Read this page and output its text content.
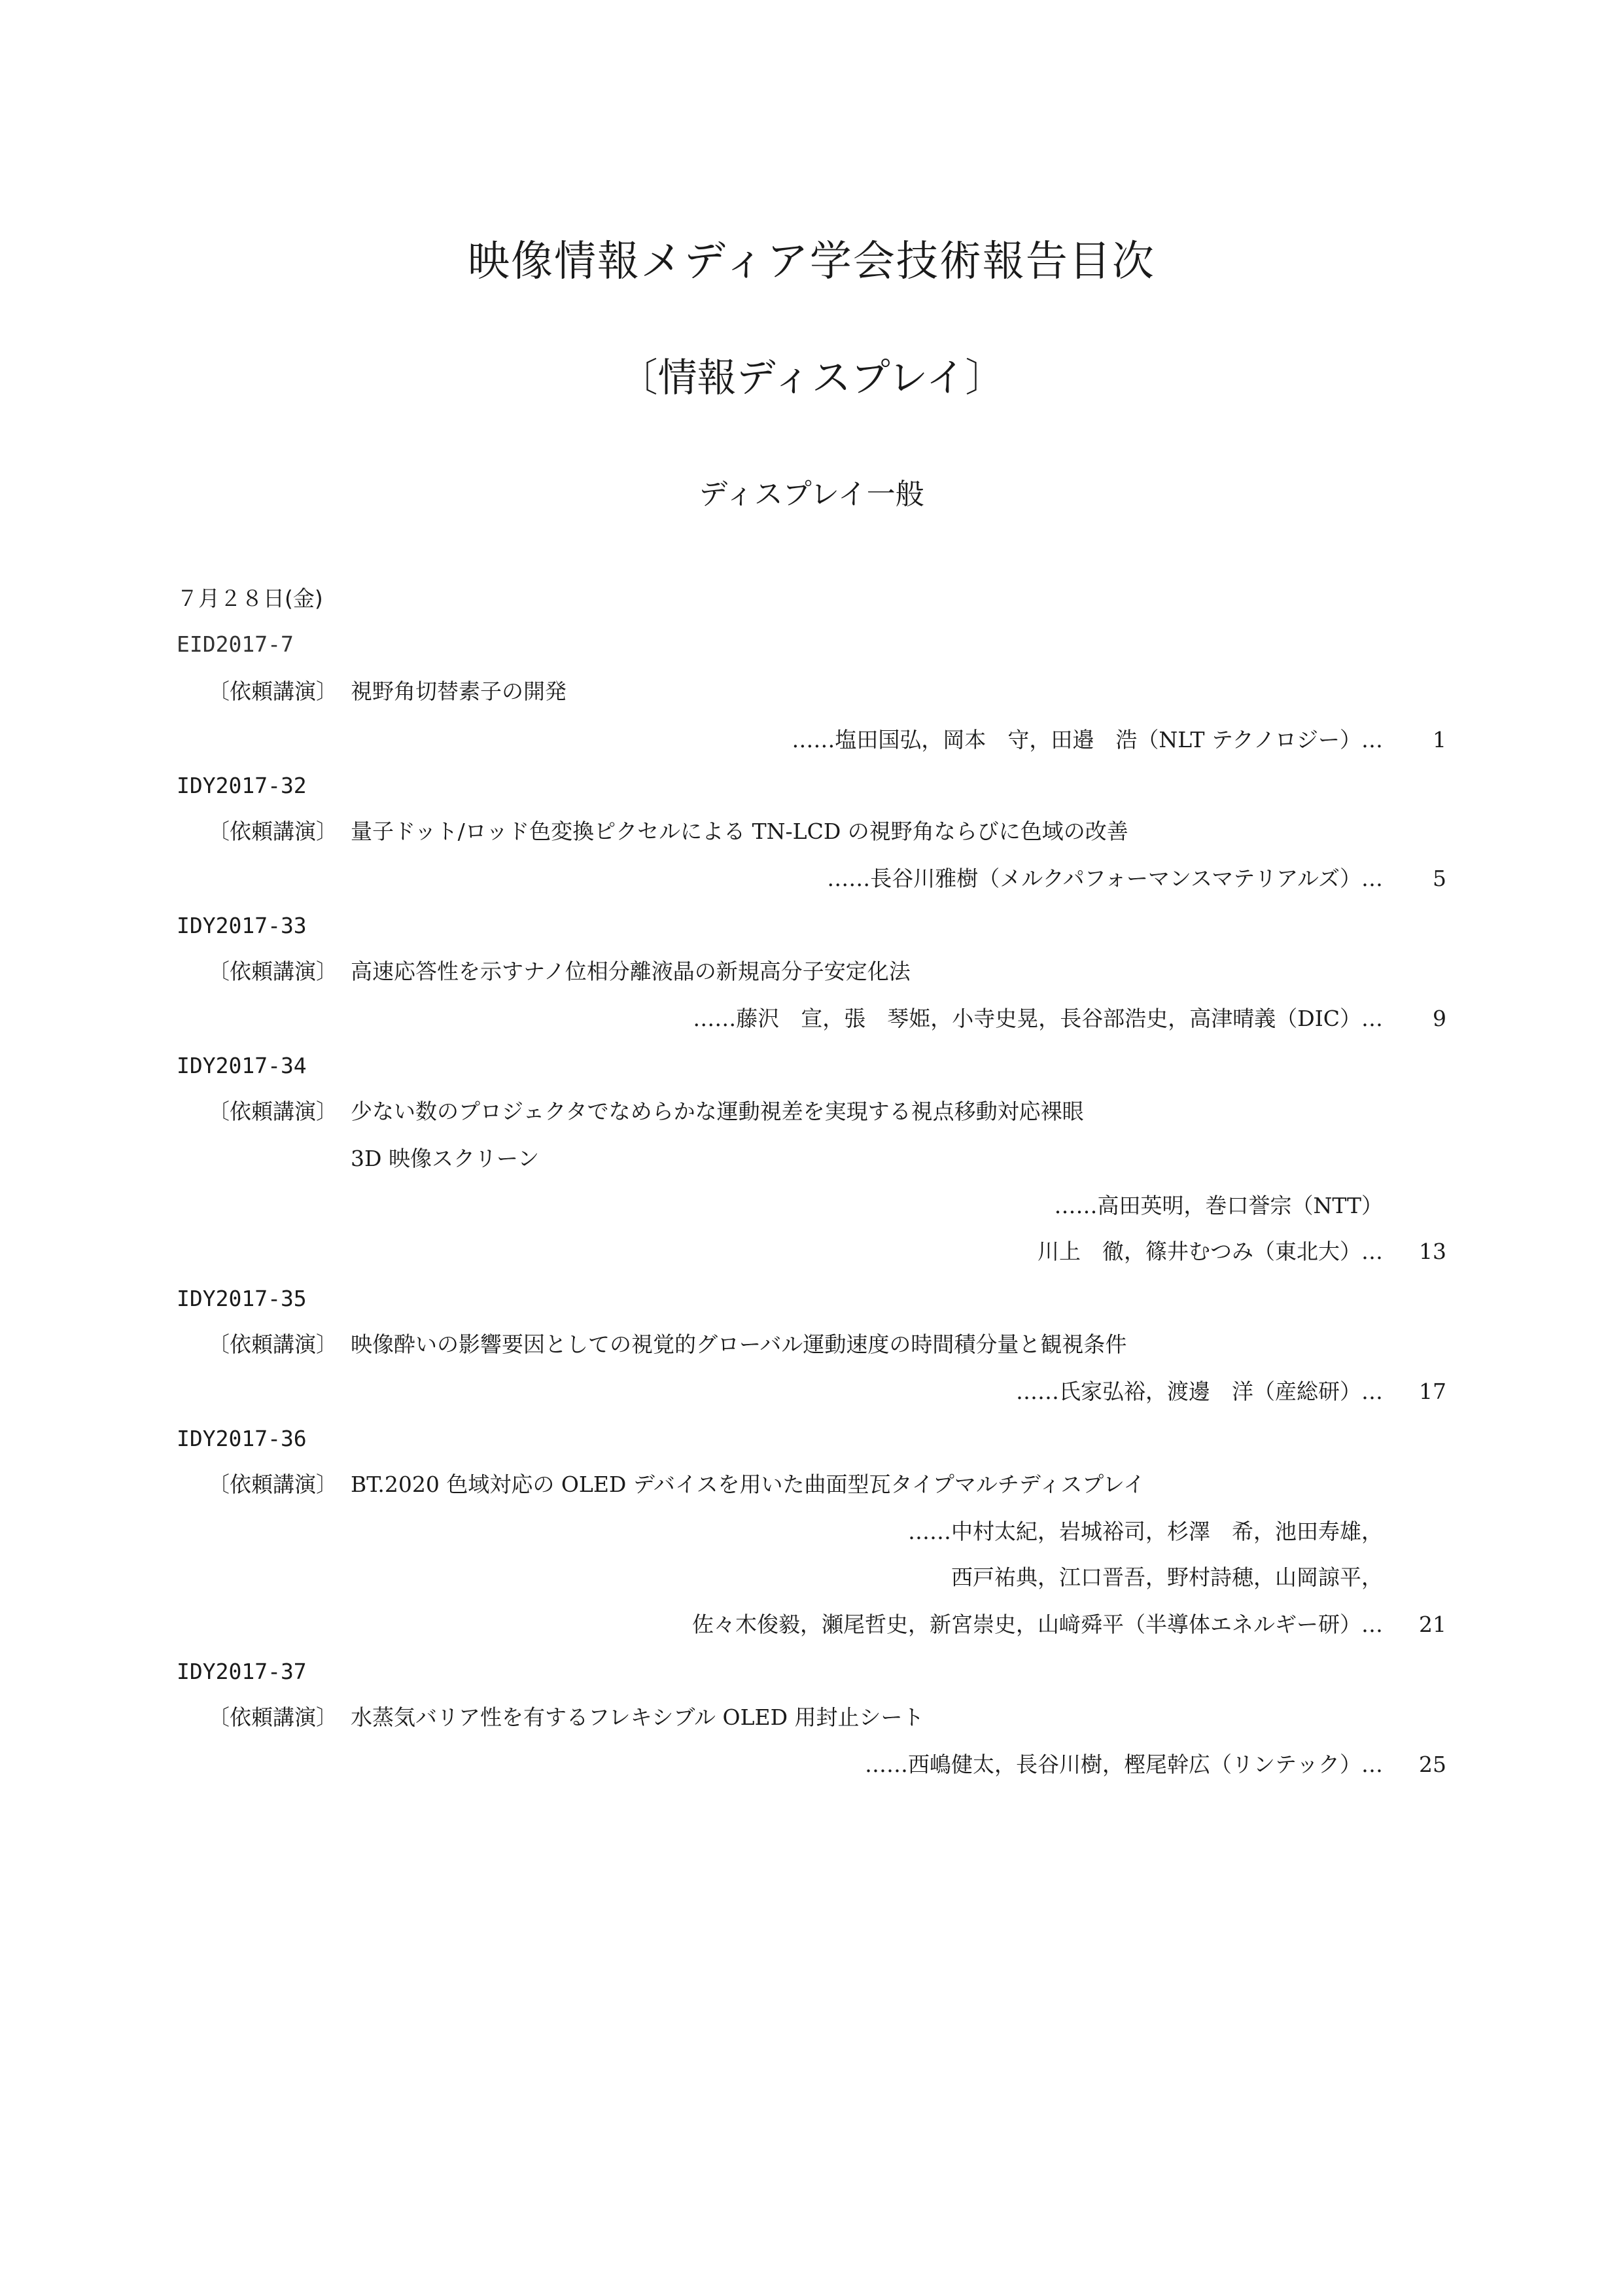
映像情報メディア学会技術報告目次
〔情報ディスプレイ〕
ディスプレイ一般
７月２８日(金)
EID2017-7
〔依頼講演〕 視野角切替素子の開発
……塩田国弘，岡本　守，田邉　浩（NLT テクノロジー）… 1
IDY2017-32
〔依頼講演〕 量子ドット/ロッド色変換ピクセルによる TN-LCD の視野角ならびに色域の改善
……長谷川雅樹（メルクパフォーマンスマテリアルズ）… 5
IDY2017-33
〔依頼講演〕 高速応答性を示すナノ位相分離液晶の新規高分子安定化法
……藤沢　宣，張　琴姫，小寺史晃，長谷部浩史，高津晴義（DIC）… 9
IDY2017-34
〔依頼講演〕 少ない数のプロジェクタでなめらかな運動視差を実現する視点移動対応裸眼
3D 映像スクリーン
……高田英明，巻口誉宗（NTT）
川上　徹，篠井むつみ（東北大）… 13
IDY2017-35
〔依頼講演〕 映像酔いの影響要因としての視覚的グローバル運動速度の時間積分量と観視条件
……氏家弘裕，渡邊　洋（産総研）… 17
IDY2017-36
〔依頼講演〕 BT.2020 色域対応の OLED デバイスを用いた曲面型瓦タイプマルチディスプレイ
……中村太紀，岩城裕司，杉澤　希，池田寿雄，
西戸祐典，江口晋吾，野村詩穂，山岡諒平，
佐々木俊毅，瀬尾哲史，新宮崇史，山﨑舜平（半導体エネルギー研）… 21
IDY2017-37
〔依頼講演〕 水蒸気バリア性を有するフレキシブル OLED 用封止シート
……西嶋健太，長谷川樹，樫尾幹広（リンテック）… 25
